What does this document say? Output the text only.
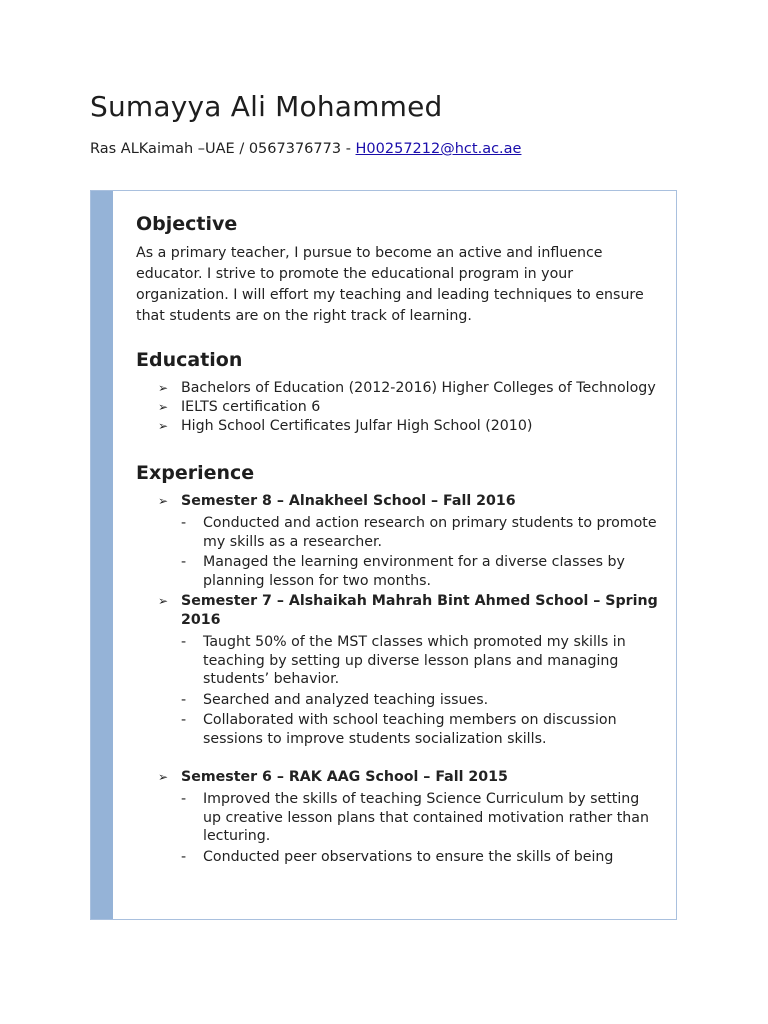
Sumayya Ali Mohammed
Ras ALKaimah –UAE / 0567376773 - H00257212@hct.ac.ae
Objective

As a primary teacher, I pursue to become an active and influence educator. I strive to promote the educational program in your organization. I will effort my teaching and leading techniques to ensure that students are on the right track of learning.

Education
➢ Bachelors of Education (2012-2016) Higher Colleges of Technology
➢ IELTS certification 6
➢ High School Certificates Julfar High School (2010)
Experience
➢ Semester 8 – Alnakheel School – Fall 2016
- Conducted and action research on primary students to promote my skills as a researcher.
- Managed the learning environment for a diverse classes by planning lesson for two months.
➢ Semester 7 – Alshaikah Mahrah Bint Ahmed School – Spring 2016
- Taught 50% of the MST classes which promoted my skills in teaching by setting up diverse lesson plans and managing students’ behavior.
- Searched and analyzed teaching issues.
- Collaborated with school teaching members on discussion sessions to improve students socialization skills.
➢ Semester 6 – RAK AAG School – Fall 2015
- Improved the skills of teaching Science Curriculum by setting up creative lesson plans that contained motivation rather than lecturing.
- Conducted peer observations to ensure the skills of being
